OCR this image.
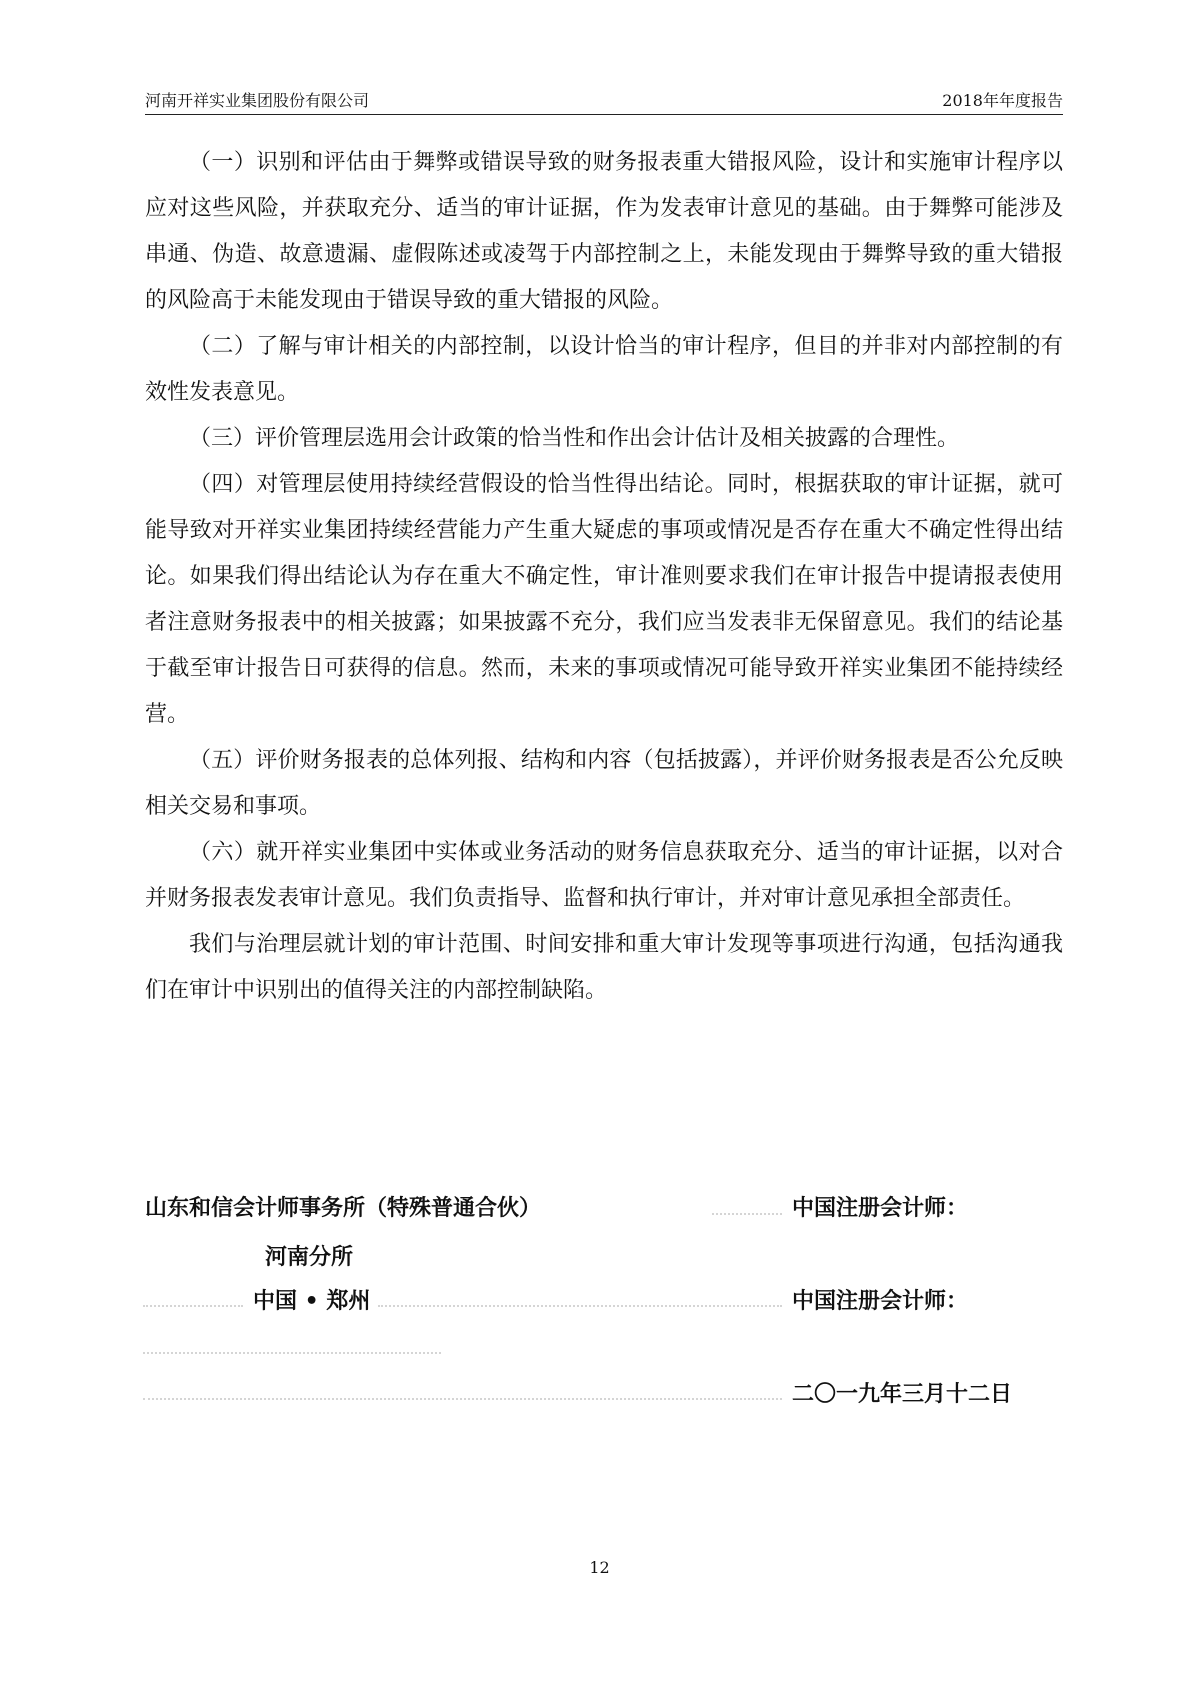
河南开祥实业集团股份有限公司	2018年年度报告

（一）识别和评估由于舞弊或错误导致的财务报表重大错报风险，设计和实施审计程序以应对这些风险，并获取充分、适当的审计证据，作为发表审计意见的基础。由于舞弊可能涉及串通、伪造、故意遗漏、虚假陈述或凌驾于内部控制之上，未能发现由于舞弊导致的重大错报的风险高于未能发现由于错误导致的重大错报的风险。

（二）了解与审计相关的内部控制，以设计恰当的审计程序，但目的并非对内部控制的有效性发表意见。

（三）评价管理层选用会计政策的恰当性和作出会计估计及相关披露的合理性。

（四）对管理层使用持续经营假设的恰当性得出结论。同时，根据获取的审计证据，就可能导致对开祥实业集团持续经营能力产生重大疑虑的事项或情况是否存在重大不确定性得出结论。如果我们得出结论认为存在重大不确定性，审计准则要求我们在审计报告中提请报表使用者注意财务报表中的相关披露；如果披露不充分，我们应当发表非无保留意见。我们的结论基于截至审计报告日可获得的信息。然而，未来的事项或情况可能导致开祥实业集团不能持续经营。

（五）评价财务报表的总体列报、结构和内容（包括披露），并评价财务报表是否公允反映相关交易和事项。

（六）就开祥实业集团中实体或业务活动的财务信息获取充分、适当的审计证据，以对合并财务报表发表审计意见。我们负责指导、监督和执行审计，并对审计意见承担全部责任。

我们与治理层就计划的审计范围、时间安排和重大审计发现等事项进行沟通，包括沟通我们在审计中识别出的值得关注的内部控制缺陷。

山东和信会计师事务所（特殊普通合伙）	中国注册会计师：
河南分所
中国 • 郑州	中国注册会计师：
二〇一九年三月十二日
12
